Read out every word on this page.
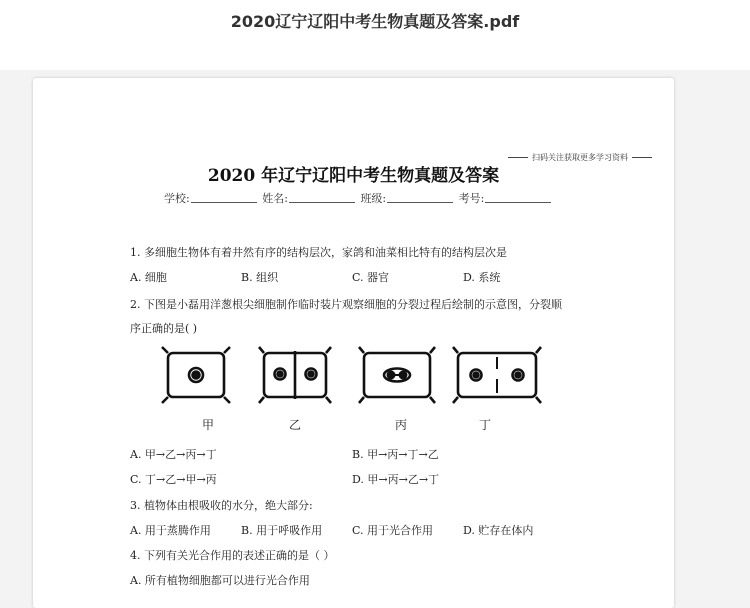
2020辽宁辽阳中考生物真题及答案.pdf
扫码关注获取更多学习资料
2020 年辽宁辽阳中考生物真题及答案
学校:	姓名:	班级:	考号:
1. 多细胞生物体有着井然有序的结构层次，家鸽和油菜相比特有的结构层次是
A. 细胞	B. 组织	C. 器官	D. 系统
2. 下图是小磊用洋葱根尖细胞制作临时装片观察细胞的分裂过程后绘制的示意图，分裂顺
序正确的是( )
甲	乙	丙	丁
A. 甲→乙→丙→丁	B. 甲→丙→丁→乙
C. 丁→乙→甲→丙	D. 甲→丙→乙→丁
3. 植物体由根吸收的水分，绝大部分:
A. 用于蒸腾作用	B. 用于呼吸作用	C. 用于光合作用	D. 贮存在体内
4. 下列有关光合作用的表述正确的是（ ）
A. 所有植物细胞都可以进行光合作用
